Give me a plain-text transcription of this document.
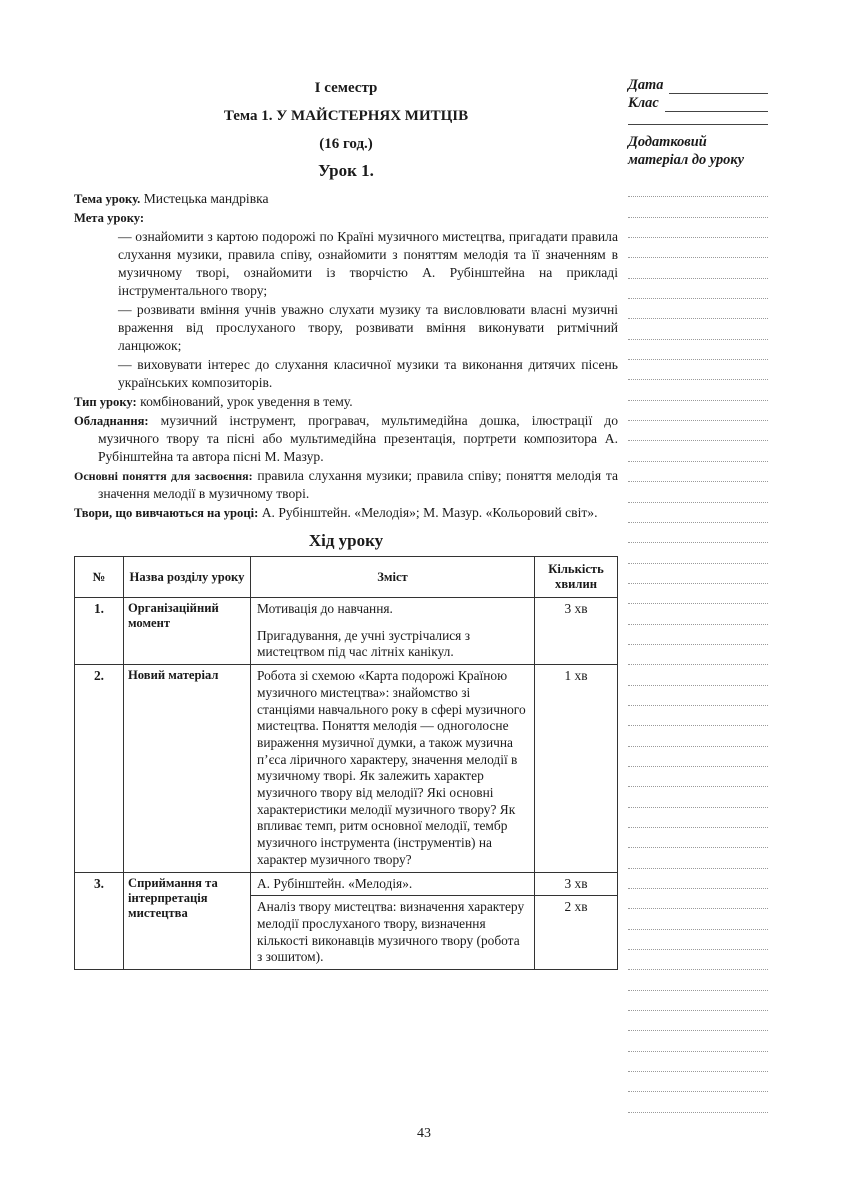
І семестр
Тема 1. У МАЙСТЕРНЯХ МИТЦІВ
(16 год.)
Урок 1.
Тема уроку. Мистецька мандрівка
Мета уроку:
— ознайомити з картою подорожі по Країні музичного мистецтва, пригадати правила слухання музики, правила співу, ознайомити з поняттям мелодія та її значенням в музичному творі, ознайомити із творчістю А. Рубінштейна на прикладі інструментального твору;
— розвивати вміння учнів уважно слухати музику та висловлювати власні музичні враження від прослуханого твору, розвивати вміння виконувати ритмічний ланцюжок;
— виховувати інтерес до слухання класичної музики та виконання дитячих пісень українських композиторів.
Тип уроку: комбінований, урок уведення в тему.
Обладнання: музичний інструмент, програвач, мультимедійна дошка, ілюстрації до музичного твору та пісні або мультимедійна презентація, портрети композитора А. Рубінштейна та автора пісні М. Мазур.
Основні поняття для засвоєння: правила слухання музики; правила співу; поняття мелодія та значення мелодії в музичному творі.
Твори, що вивчаються на уроці: А. Рубінштейн. «Мелодія»; М. Мазур. «Кольоровий світ».
Хід уроку
№	Назва розділу уроку	Зміст	Кількість хвилин
1.	Організаційний момент	Мотивація до навчання.
Пригадування, де учні зустрічалися з мистецтвом під час літніх канікул.	3 хв
2.	Новий матеріал	Робота зі схемою «Карта подорожі Країною музичного мистецтва»: знайомство зі станціями навчального року в сфері музичного мистецтва. Поняття мелодія — одноголосне вираження музичної думки, а також музична п’єса ліричного характеру, значення мелодії в музичному творі. Як залежить характер музичного твору від мелодії? Які основні характеристики мелодії музичного твору? Як впливає темп, ритм основної мелодії, тембр музичного інструмента (інструментів) на характер музичного твору?	1 хв
3.	Сприймання та інтерпретація мистецтва	А. Рубінштейн. «Мелодія».	3 хв
		Аналіз твору мистецтва: визначення характеру мелодії прослуханого твору, визначення кількості виконавців музичного твору (робота з зошитом).	2 хв
Дата
Клас
Додатковий матеріал до уроку
43
